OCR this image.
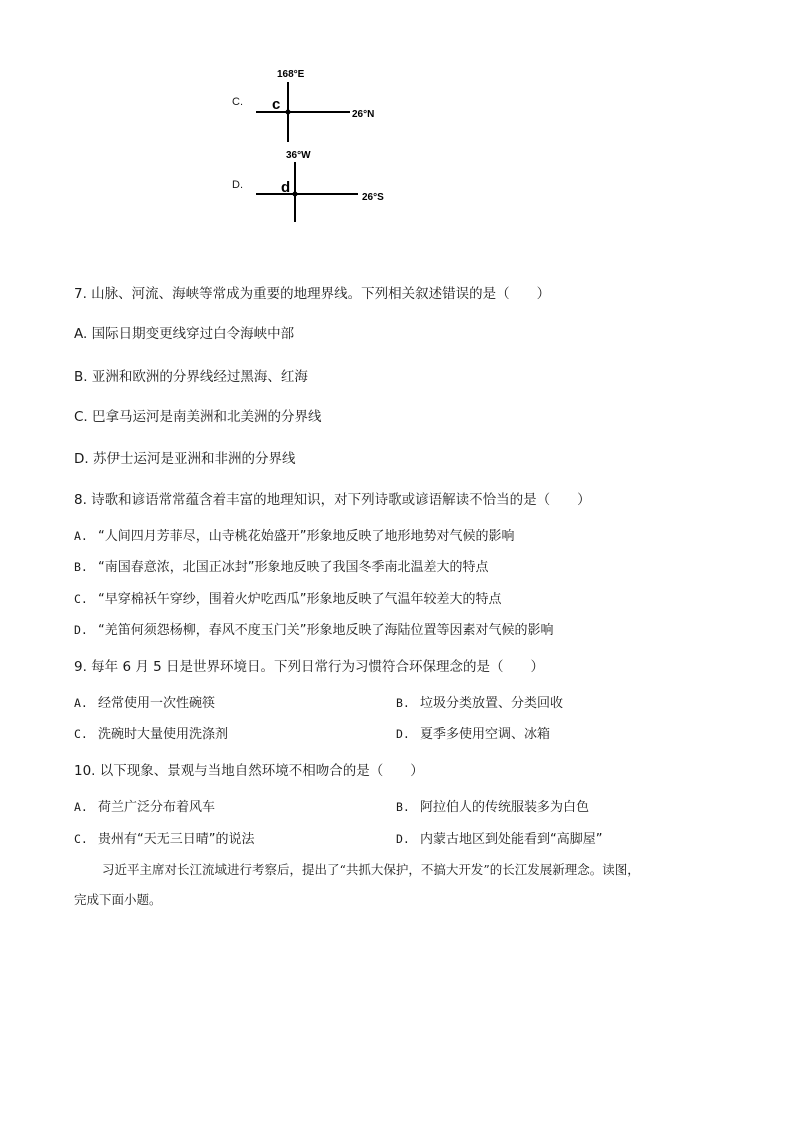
C.
168°E
c
26°N
D.
36°W
d
26°S
7. 山脉、河流、海峡等常成为重要的地理界线。下列相关叙述错误的是（　　）
A. 国际日期变更线穿过白令海峡中部
B. 亚洲和欧洲的分界线经过黑海、红海
C. 巴拿马运河是南美洲和北美洲的分界线
D. 苏伊士运河是亚洲和非洲的分界线
8. 诗歌和谚语常常蕴含着丰富的地理知识，对下列诗歌或谚语解读不恰当的是（　　）
A. “人间四月芳菲尽，山寺桃花始盛开”形象地反映了地形地势对气候的影响
B. “南国春意浓，北国正冰封”形象地反映了我国冬季南北温差大的特点
C. “早穿棉袄午穿纱，围着火炉吃西瓜”形象地反映了气温年较差大的特点
D. “羌笛何须怨杨柳，春风不度玉门关”形象地反映了海陆位置等因素对气候的影响
9. 每年 6 月 5 日是世界环境日。下列日常行为习惯符合环保理念的是（　　）
A. 经常使用一次性碗筷	B. 垃圾分类放置、分类回收
C. 洗碗时大量使用洗涤剂	D. 夏季多使用空调、冰箱
10. 以下现象、景观与当地自然环境不相吻合的是（　　）
A. 荷兰广泛分布着风车	B. 阿拉伯人的传统服装多为白色
C. 贵州有“天无三日晴”的说法	D. 内蒙古地区到处能看到“高脚屋”
习近平主席对长江流域进行考察后，提出了“共抓大保护，不搞大开发”的长江发展新理念。读图，
完成下面小题。
